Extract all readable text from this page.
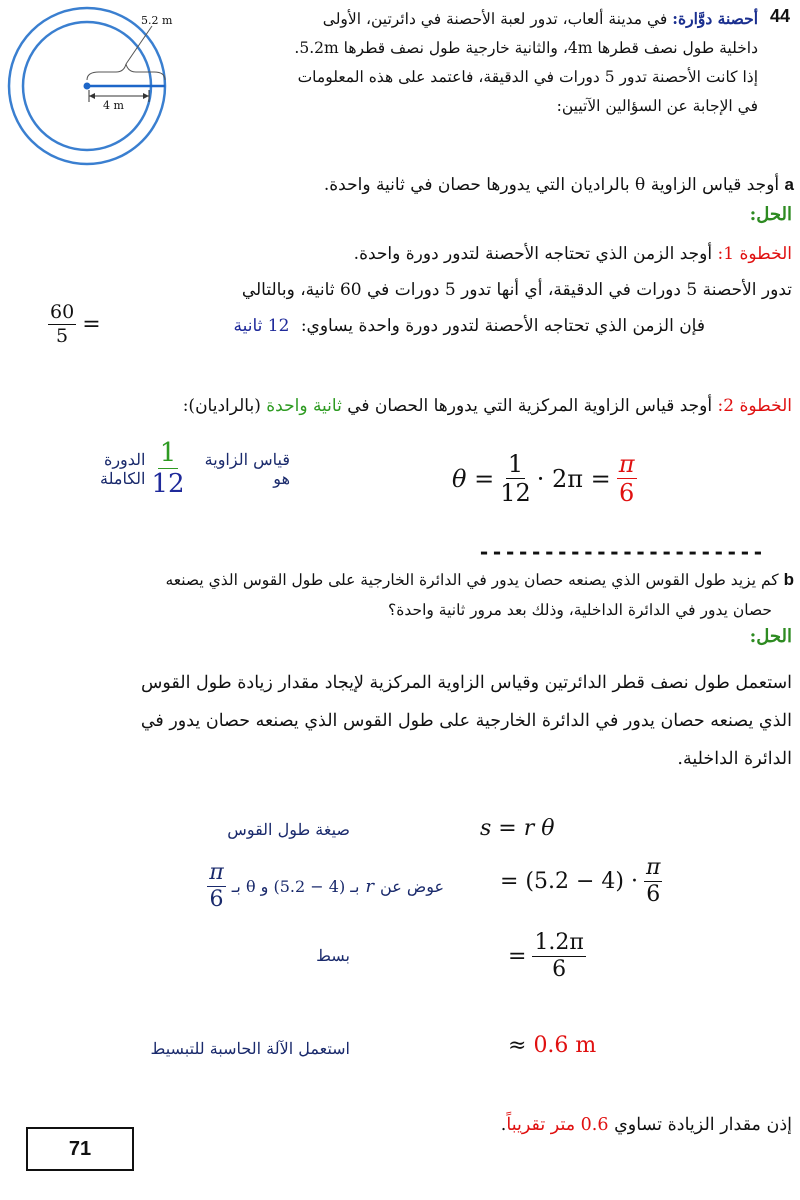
5.2 m
4 m
44
أحصنة دوَّارة: في مدينة ألعاب، تدور لعبة الأحصنة في دائرتين، الأولى
داخلية طول نصف قطرها 4m، والثانية خارجية طول نصف قطرها 5.2m.
إذا كانت الأحصنة تدور 5 دورات في الدقيقة، فاعتمد على هذه المعلومات
في الإجابة عن السؤالين الآتيين:
a أوجد قياس الزاوية θ بالراديان التي يدورها حصان في ثانية واحدة.
الحل:
الخطوة 1: أوجد الزمن الذي تحتاجه الأحصنة لتدور دورة واحدة.
تدور الأحصنة 5 دورات في الدقيقة، أي أنها تدور 5 دورات في 60 ثانية، وبالتالي
فإن الزمن الذي تحتاجه الأحصنة لتدور دورة واحدة يساوي: 12 ثانية
$\frac{60}{5}$ =
الخطوة 2: أوجد قياس الزاوية المركزية التي يدورها الحصان في ثانية واحدة (بالراديان):
قياس الزاوية هو
$\frac{1}{12}$
الدورة الكاملة	$\theta = \frac{1}{12} \cdot 2\pi = \frac{\pi}{6}$
----------------------
b كم يزيد طول القوس الذي يصنعه حصان يدور في الدائرة الخارجية على طول القوس الذي يصنعه
حصان يدور في الدائرة الداخلية، وذلك بعد مرور ثانية واحدة؟
الحل:
استعمل طول نصف قطر الدائرتين وقياس الزاوية المركزية لإيجاد مقدار زيادة طول القوس
الذي يصنعه حصان يدور في الدائرة الخارجية على طول القوس الذي يصنعه حصان يدور في
الدائرة الداخلية.
صيغة طول القوس	s = r θ
عوض عن
r
بـ (4 − 5.2) و θ بـ
$\frac{\pi}{6}$	= $(5.2 - 4) \cdot \frac{\pi}{6}$
بسط	= $\frac{1.2\pi}{6}$
استعمل الآلة الحاسبة للتبسيط	≈ 0.6 m
إذن مقدار الزيادة تساوي 0.6 متر تقريباً.
71
